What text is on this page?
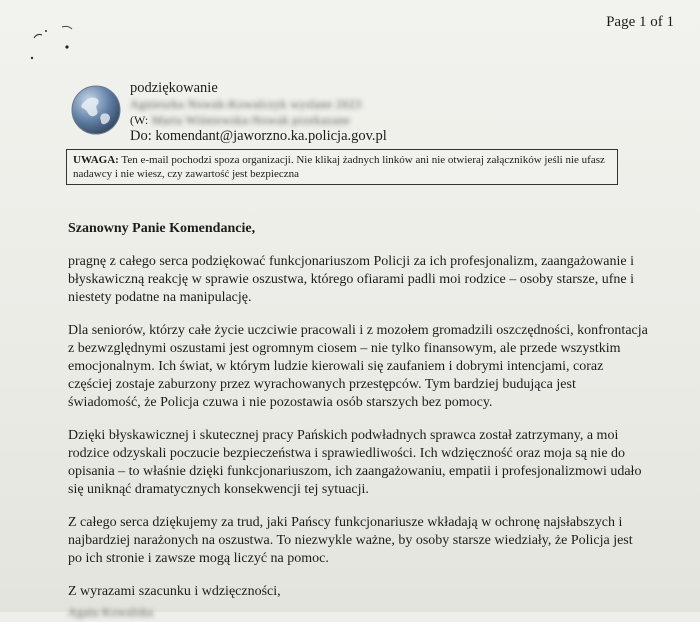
Page 1 of 1
podziękowanie
Agnieszka Nowak-Kowalczyk wyslane 2023
(W: Marta Wiśniewska-Nowak przekazane
Do: komendant@jaworzno.ka.policja.gov.pl
UWAGA: Ten e-mail pochodzi spoza organizacji. Nie klikaj żadnych linków ani nie otwieraj załączników jeśli nie ufasz nadawcy i nie wiesz, czy zawartość jest bezpieczna

Szanowny Panie Komendancie,

pragnę z całego serca podziękować funkcjonariuszom Policji za ich profesjonalizm, zaangażowanie i błyskawiczną reakcję w sprawie oszustwa, którego ofiarami padli moi rodzice – osoby starsze, ufne i niestety podatne na manipulację.

Dla seniorów, którzy całe życie uczciwie pracowali i z mozołem gromadzili oszczędności, konfrontacja z bezwzględnymi oszustami jest ogromnym ciosem – nie tylko finansowym, ale przede wszystkim emocjonalnym. Ich świat, w którym ludzie kierowali się zaufaniem i dobrymi intencjami, coraz częściej zostaje zaburzony przez wyrachowanych przestępców. Tym bardziej budująca jest świadomość, że Policja czuwa i nie pozostawia osób starszych bez pomocy.

Dzięki błyskawicznej i skutecznej pracy Pańskich podwładnych sprawca został zatrzymany, a moi rodzice odzyskali poczucie bezpieczeństwa i sprawiedliwości. Ich wdzięczność oraz moja są nie do opisania – to właśnie dzięki funkcjonariuszom, ich zaangażowaniu, empatii i profesjonalizmowi udało się uniknąć dramatycznych konsekwencji tej sytuacji.

Z całego serca dziękujemy za trud, jaki Pańscy funkcjonariusze wkładają w ochronę najsłabszych i najbardziej narażonych na oszustwa. To niezwykle ważne, by osoby starsze wiedziały, że Policja jest po ich stronie i zawsze mogą liczyć na pomoc.

Z wyrazami szacunku i wdzięczności,

Agata Kowalska
